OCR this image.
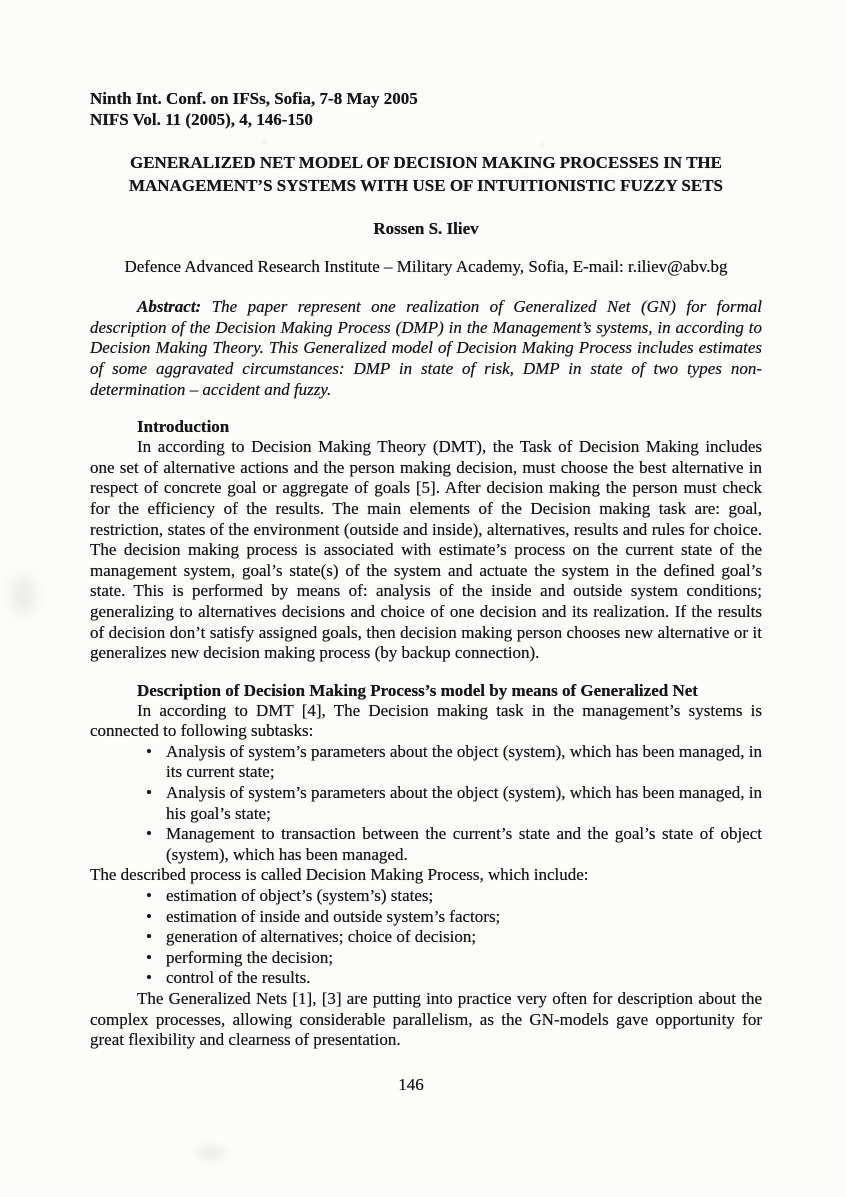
Ninth Int. Conf. on IFSs, Sofia, 7-8 May 2005
NIFS Vol. 11 (2005), 4, 146-150
GENERALIZED NET MODEL OF DECISION MAKING PROCESSES IN THE
MANAGEMENT’S SYSTEMS WITH USE OF INTUITIONISTIC FUZZY SETS
Rossen S. Iliev
Defence Advanced Research Institute – Military Academy, Sofia, E-mail: r.iliev@abv.bg

Abstract: The paper represent one realization of Generalized Net (GN) for formal description of the Decision Making Process (DMP) in the Management’s systems, in according to Decision Making Theory. This Generalized model of Decision Making Process includes estimates of some aggravated circumstances: DMP in state of risk, DMP in state of two types non-determination – accident and fuzzy.

Introduction

In according to Decision Making Theory (DMT), the Task of Decision Making includes one set of alternative actions and the person making decision, must choose the best alternative in respect of concrete goal or aggregate of goals [5]. After decision making the person must check for the efficiency of the results. The main elements of the Decision making task are: goal, restriction, states of the environment (outside and inside), alternatives, results and rules for choice. The decision making process is associated with estimate’s process on the current state of the management system, goal’s state(s) of the system and actuate the system in the defined goal’s state. This is performed by means of: analysis of the inside and outside system conditions; generalizing to alternatives decisions and choice of one decision and its realization. If the results of decision don’t satisfy assigned goals, then decision making person chooses new alternative or it generalizes new decision making process (by backup connection).

Description of Decision Making Process’s model by means of Generalized Net

In according to DMT [4], The Decision making task in the management’s systems is connected to following subtasks:

• Analysis of system’s parameters about the object (system), which has been managed, in its current state;
• Analysis of system’s parameters about the object (system), which has been managed, in his goal’s state;
• Management to transaction between the current’s state and the goal’s state of object (system), which has been managed.

The described process is called Decision Making Process, which include:

• estimation of object’s (system’s) states;
• estimation of inside and outside system’s factors;
• generation of alternatives; choice of decision;
• performing the decision;
• control of the results.

The Generalized Nets [1], [3] are putting into practice very often for description about the complex processes, allowing considerable parallelism, as the GN-models gave opportunity for great flexibility and clearness of presentation.

146
